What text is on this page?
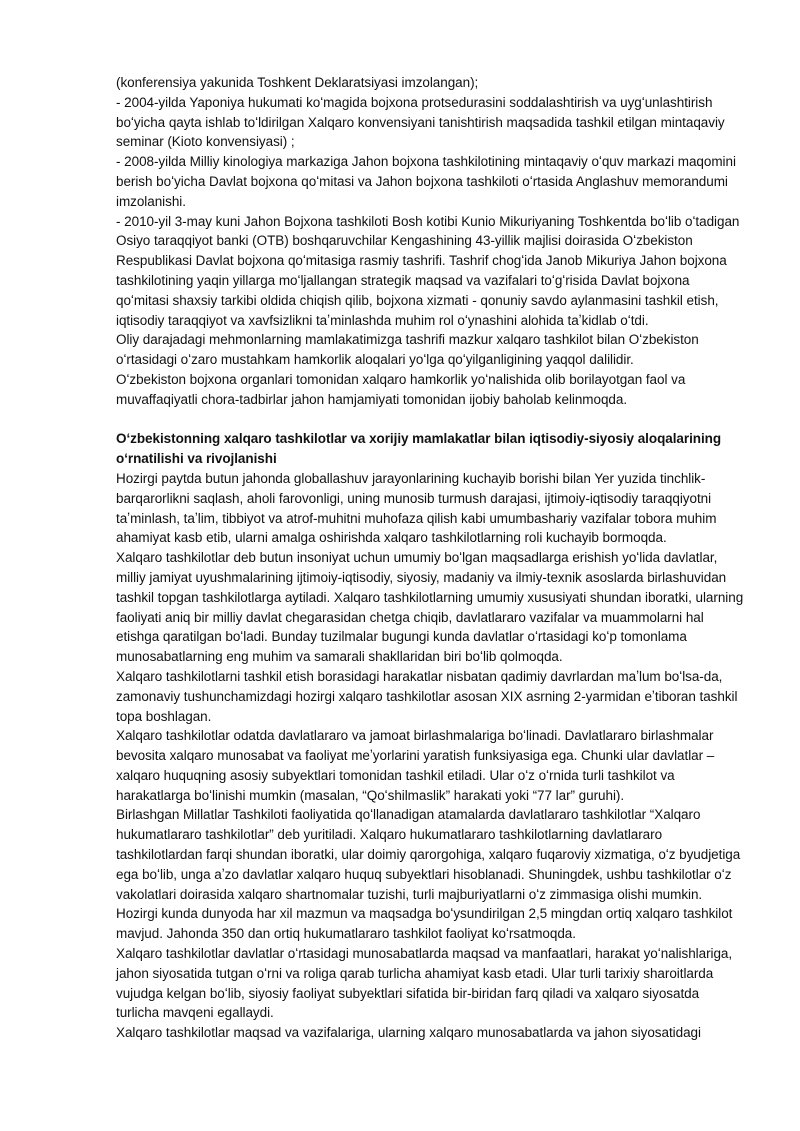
(konferensiya yakunida Toshkent Deklaratsiyasi imzolangan);

- 2004-yilda Yaponiya hukumati koʻmagida bojxona protsedurasini soddalashtirish va uygʻunlashtirish boʻyicha qayta ishlab toʻldirilgan Xalqaro konvensiyani tanishtirish maqsadida tashkil etilgan mintaqaviy seminar (Kioto konvensiyasi) ;

- 2008-yilda Milliy kinologiya markaziga Jahon bojxona tashkilotining mintaqaviy oʻquv markazi maqomini berish boʻyicha Davlat bojxona qoʻmitasi va Jahon bojxona tashkiloti oʻrtasida Anglashuv memorandumi imzolanishi.

- 2010-yil 3-may kuni Jahon Bojxona tashkiloti Bosh kotibi Kunio Mikuriyaning Toshkentda boʻlib oʻtadigan Osiyo taraqqiyot banki (OTB) boshqaruvchilar Kengashining 43-yillik majlisi doirasida Oʻzbekiston Respublikasi Davlat bojxona qoʻmitasiga rasmiy tashrifi. Tashrif chogʻida Janob Mikuriya Jahon bojxona tashkilotining yaqin yillarga moʻljallangan strategik maqsad va vazifalari toʻgʻrisida Davlat bojxona qoʻmitasi shaxsiy tarkibi oldida chiqish qilib, bojxona xizmati - qonuniy savdo aylanmasini tashkil etish, iqtisodiy taraqqiyot va xavfsizlikni taʼminlashda muhim rol oʻynashini alohida taʼkidlab oʻtdi.

Oliy darajadagi mehmonlarning mamlakatimizga tashrifi mazkur xalqaro tashkilot bilan Oʻzbekiston oʻrtasidagi oʻzaro mustahkam hamkorlik aloqalari yoʻlga qoʻyilganligining yaqqol dalilidir.

Oʻzbekiston bojxona organlari tomonidan xalqaro hamkorlik yoʻnalishida olib borilayotgan faol va muvaffaqiyatli chora-tadbirlar jahon hamjamiyati tomonidan ijobiy baholab kelinmoqda.

Oʻzbekistonning xalqaro tashkilotlar va xorijiy mamlakatlar bilan iqtisodiy-siyosiy aloqalarining oʻrnatilishi va rivojlanishi

Hozirgi paytda butun jahonda globallashuv jarayonlarining kuchayib borishi bilan Yer yuzida tinchlik-barqarorlikni saqlash, aholi farovonligi, uning munosib turmush darajasi, ijtimoiy-iqtisodiy taraqqiyotni taʼminlash, taʼlim, tibbiyot va atrof-muhitni muhofaza qilish kabi umumbashariy vazifalar tobora muhim ahamiyat kasb etib, ularni amalga oshirishda xalqaro tashkilotlarning roli kuchayib bormoqda.

Xalqaro tashkilotlar deb butun insoniyat uchun umumiy boʻlgan maqsadlarga erishish yoʻlida davlatlar, milliy jamiyat uyushmalarining ijtimoiy-iqtisodiy, siyosiy, madaniy va ilmiy-texnik asoslarda birlashuvidan tashkil topgan tashkilotlarga aytiladi. Xalqaro tashkilotlarning umumiy xususiyati shundan iboratki, ularning faoliyati aniq bir milliy davlat chegarasidan chetga chiqib, davlatlararo vazifalar va muammolarni hal etishga qaratilgan boʻladi. Bunday tuzilmalar bugungi kunda davlatlar oʻrtasidagi koʻp tomonlama munosabatlarning eng muhim va samarali shakllaridan biri boʻlib qolmoqda.

Xalqaro tashkilotlarni tashkil etish borasidagi harakatlar nisbatan qadimiy davrlardan maʼlum boʻlsa-da, zamonaviy tushunchamizdagi hozirgi xalqaro tashkilotlar asosan XIX asrning 2-yarmidan eʼtiboran tashkil topa boshlagan.

Xalqaro tashkilotlar odatda davlatlararo va jamoat birlashmalariga boʻlinadi. Davlatlararo birlashmalar bevosita xalqaro munosabat va faoliyat meʼyorlarini yaratish funksiyasiga ega. Chunki ular davlatlar – xalqaro huquqning asosiy subyektlari tomonidan tashkil etiladi. Ular oʻz oʻrnida turli tashkilot va harakatlarga boʻlinishi mumkin (masalan, “Qoʻshilmaslik” harakati yoki “77 lar” guruhi).

Birlashgan Millatlar Tashkiloti faoliyatida qoʻllanadigan atamalarda davlatlararo tashkilotlar “Xalqaro hukumatlararo tashkilotlar” deb yuritiladi. Xalqaro hukumatlararo tashkilotlarning davlatlararo tashkilotlardan farqi shundan iboratki, ular doimiy qarorgohiga, xalqaro fuqaroviy xizmatiga, oʻz byudjetiga ega boʻlib, unga aʼzo davlatlar xalqaro huquq subyektlari hisoblanadi. Shuningdek, ushbu tashkilotlar oʻz vakolatlari doirasida xalqaro shartnomalar tuzishi, turli majburiyatlarni oʻz zimmasiga olishi mumkin.

Hozirgi kunda dunyoda har xil mazmun va maqsadga boʻysundirilgan 2,5 mingdan ortiq xalqaro tashkilot mavjud. Jahonda 350 dan ortiq hukumatlararo tashkilot faoliyat koʻrsatmoqda.

Xalqaro tashkilotlar davlatlar oʻrtasidagi munosabatlarda maqsad va manfaatlari, harakat yoʻnalishlariga, jahon siyosatida tutgan oʻrni va roliga qarab turlicha ahamiyat kasb etadi. Ular turli tarixiy sharoitlarda vujudga kelgan boʻlib, siyosiy faoliyat subyektlari sifatida bir-biridan farq qiladi va xalqaro siyosatda turlicha mavqeni egallaydi.

Xalqaro tashkilotlar maqsad va vazifalariga, ularning xalqaro munosabatlarda va jahon siyosatidagi
